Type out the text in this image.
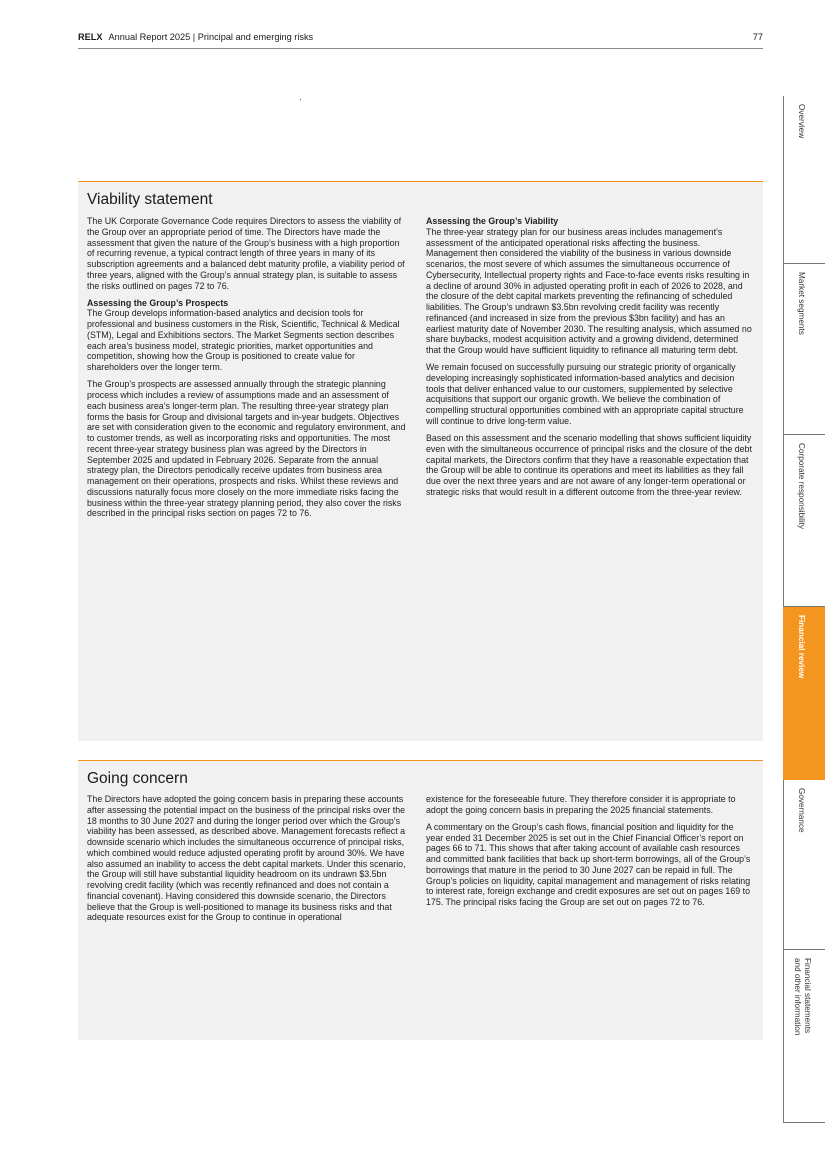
RELX Annual Report 2025 | Principal and emerging risks	77
Viability statement

The UK Corporate Governance Code requires Directors to assess the viability of the Group over an appropriate period of time. The Directors have made the assessment that given the nature of the Group’s business with a high proportion of recurring revenue, a typical contract length of three years in many of its subscription agreements and a balanced debt maturity profile, a viability period of three years, aligned with the Group’s annual strategy plan, is suitable to assess the risks outlined on pages 72 to 76.

Assessing the Group’s Prospects
The Group develops information-based analytics and decision tools for professional and business customers in the Risk, Scientific, Technical & Medical (STM), Legal and Exhibitions sectors. The Market Segments section describes each area’s business model, strategic priorities, market opportunities and competition, showing how the Group is positioned to create value for shareholders over the longer term.

The Group’s prospects are assessed annually through the strategic planning process which includes a review of assumptions made and an assessment of each business area’s longer-term plan. The resulting three-year strategy plan forms the basis for Group and divisional targets and in-year budgets. Objectives are set with consideration given to the economic and regulatory environment, and to customer trends, as well as incorporating risks and opportunities. The most recent three-year strategy business plan was agreed by the Directors in September 2025 and updated in February 2026. Separate from the annual strategy plan, the Directors periodically receive updates from business area management on their operations, prospects and risks. Whilst these reviews and discussions naturally focus more closely on the more immediate risks facing the business within the three-year strategy planning period, they also cover the risks described in the principal risks section on pages 72 to 76.

Assessing the Group’s Viability
The three-year strategy plan for our business areas includes management’s assessment of the anticipated operational risks affecting the business. Management then considered the viability of the business in various downside scenarios, the most severe of which assumes the simultaneous occurrence of Cybersecurity, Intellectual property rights and Face-to-face events risks resulting in a decline of around 30% in adjusted operating profit in each of 2026 to 2028, and the closure of the debt capital markets preventing the refinancing of scheduled liabilities. The Group’s undrawn $3.5bn revolving credit facility was recently refinanced (and increased in size from the previous $3bn facility) and has an earliest maturity date of November 2030. The resulting analysis, which assumed no share buybacks, modest acquisition activity and a growing dividend, determined that the Group would have sufficient liquidity to refinance all maturing term debt.

We remain focused on successfully pursuing our strategic priority of organically developing increasingly sophisticated information-based analytics and decision tools that deliver enhanced value to our customers, supplemented by selective acquisitions that support our organic growth. We believe the combination of compelling structural opportunities combined with an appropriate capital structure will continue to drive long-term value.

Based on this assessment and the scenario modelling that shows sufficient liquidity even with the simultaneous occurrence of principal risks and the closure of the debt capital markets, the Directors confirm that they have a reasonable expectation that the Group will be able to continue its operations and meet its liabilities as they fall due over the next three years and are not aware of any longer-term operational or strategic risks that would result in a different outcome from the three-year review.

Going concern

The Directors have adopted the going concern basis in preparing these accounts after assessing the potential impact on the business of the principal risks over the 18 months to 30 June 2027 and during the longer period over which the Group’s viability has been assessed, as described above. Management forecasts reflect a downside scenario which includes the simultaneous occurrence of principal risks, which combined would reduce adjusted operating profit by around 30%. We have also assumed an inability to access the debt capital markets. Under this scenario, the Group will still have substantial liquidity headroom on its undrawn $3.5bn revolving credit facility (which was recently refinanced and does not contain a financial covenant). Having considered this downside scenario, the Directors believe that the Group is well-positioned to manage its business risks and that adequate resources exist for the Group to continue in operational

existence for the foreseeable future. They therefore consider it is appropriate to adopt the going concern basis in preparing the 2025 financial statements.

A commentary on the Group’s cash flows, financial position and liquidity for the year ended 31 December 2025 is set out in the Chief Financial Officer’s report on pages 66 to 71. This shows that after taking account of available cash resources and committed bank facilities that back up short-term borrowings, all of the Group’s borrowings that mature in the period to 30 June 2027 can be repaid in full. The Group’s policies on liquidity, capital management and management of risks relating to interest rate, foreign exchange and credit exposures are set out on pages 169 to 175. The principal risks facing the Group are set out on pages 72 to 76.

Overview
Market segments
Corporate responsibility
Financial review
Governance
Financial statements
and other information
